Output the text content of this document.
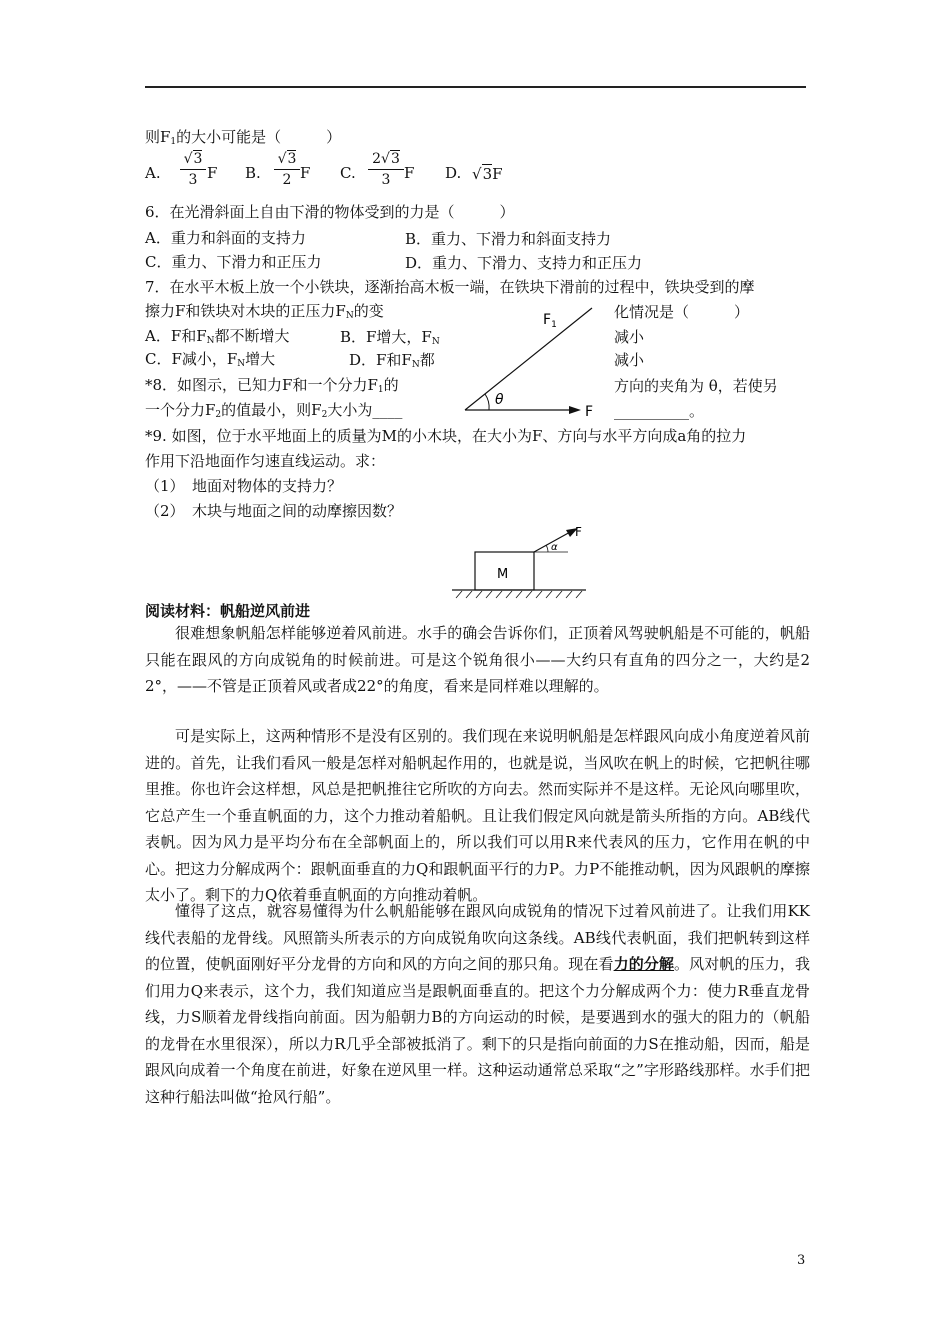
则$F_1$的大小可能是（　　　）
A.
√3
3 F B.
√3
2 F C.
2√3
3 F D. √3F
6．在光滑斜面上自由下滑的物体受到的力是（　　　）
A．重力和斜面的支持力	B．重力、下滑力和斜面支持力
C．重力、下滑力和正压力	D．重力、下滑力、支持力和正压力
7．在水平木板上放一个小铁块，逐渐抬高木板一端，在铁块下滑前的过程中，铁块受到的摩
擦力F和铁块对木块的正压力$F_N$的变	化情况是（　　　）
A．F和$F_N$都不断增大	B．F增大，$F_N$	减小
C．F减小，$F_N$增大	D．F和$F_N$都	减小
*8．如图示，已知力F和一个分力$F_1$的	方向的夹角为 θ，若使另
一个分力$F_2$的值最小，则$F_2$大小为____	__________。
θ
$F_1$
F
*9. 如图，位于水平地面上的质量为M的小木块，在大小为F、方向与水平方向成a角的拉力
作用下沿地面作匀速直线运动。求：
（1）　地面对物体的支持力？
（2）　木块与地面之间的动摩擦因数？
M
α
F
阅读材料：帆船逆风前进
很难想象帆船怎样能够逆着风前进。水手的确会告诉你们，正顶着风驾驶帆船是不可能的，帆船只能在跟风的方向成锐角的时候前进。可是这个锐角很小——大约只有直角的四分之一，大约是22°，——不管是正顶着风或者成22°的角度，看来是同样难以理解的。
可是实际上，这两种情形不是没有区别的。我们现在来说明帆船是怎样跟风向成小角度逆着风前进的。首先，让我们看风一般是怎样对船帆起作用的，也就是说，当风吹在帆上的时候，它把帆往哪里推。你也许会这样想，风总是把帆推往它所吹的方向去。然而实际并不是这样。无论风向哪里吹，它总产生一个垂直帆面的力，这个力推动着船帆。且让我们假定风向就是箭头所指的方向。AB线代表帆。因为风力是平均分布在全部帆面上的，所以我们可以用R来代表风的压力，它作用在帆的中心。把这力分解成两个：跟帆面垂直的力Q和跟帆面平行的力P。力P不能推动帆，因为风跟帆的摩擦太小了。剩下的力Q依着垂直帆面的方向推动着帆。
懂得了这点，就容易懂得为什么帆船能够在跟风向成锐角的情况下过着风前进了。让我们用KK线代表船的龙骨线。风照箭头所表示的方向成锐角吹向这条线。AB线代表帆面，我们把帆转到这样的位置，使帆面刚好平分龙骨的方向和风的方向之间的那只角。现在看力的分解。风对帆的压力，我们用力Q来表示，这个力，我们知道应当是跟帆面垂直的。把这个力分解成两个力：使力R垂直龙骨线，力S顺着龙骨线指向前面。因为船朝力B的方向运动的时候，是要遇到水的强大的阻力的（帆船的龙骨在水里很深），所以力R几乎全部被抵消了。剩下的只是指向前面的力S在推动船，因而，船是跟风向成着一个角度在前进，好象在逆风里一样。这种运动通常总采取“之”字形路线那样。水手们把这种行船法叫做“抢风行船”。
3
